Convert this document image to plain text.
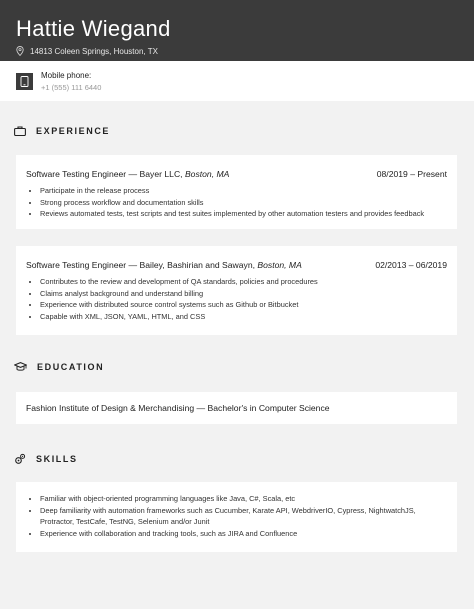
Hattie Wiegand
14813 Coleen Springs, Houston, TX
Mobile phone:
+1 (555) 111 6440
EXPERIENCE
Software Testing Engineer — Bayer LLC, Boston, MA	08/2019 – Present
• Participate in the release process
• Strong process workflow and documentation skills
• Reviews automated tests, test scripts and test suites implemented by other automation testers and provides feedback
Software Testing Engineer — Bailey, Bashirian and Sawayn, Boston, MA	02/2013 – 06/2019
• Contributes to the review and development of QA standards, policies and procedures
• Claims analyst background and understand billing
• Experience with distributed source control systems such as Github or Bitbucket
• Capable with XML, JSON, YAML, HTML, and CSS
EDUCATION
Fashion Institute of Design & Merchandising — Bachelor's in Computer Science
SKILLS
• Familiar with object-oriented programming languages like Java, C#, Scala, etc
• Deep familiarity with automation frameworks such as Cucumber, Karate API, WebdriverIO, Cypress, NightwatchJS, Protractor, TestCafe, TestNG, Selenium and/or Junit
• Experience with collaboration and tracking tools, such as JIRA and Confluence
